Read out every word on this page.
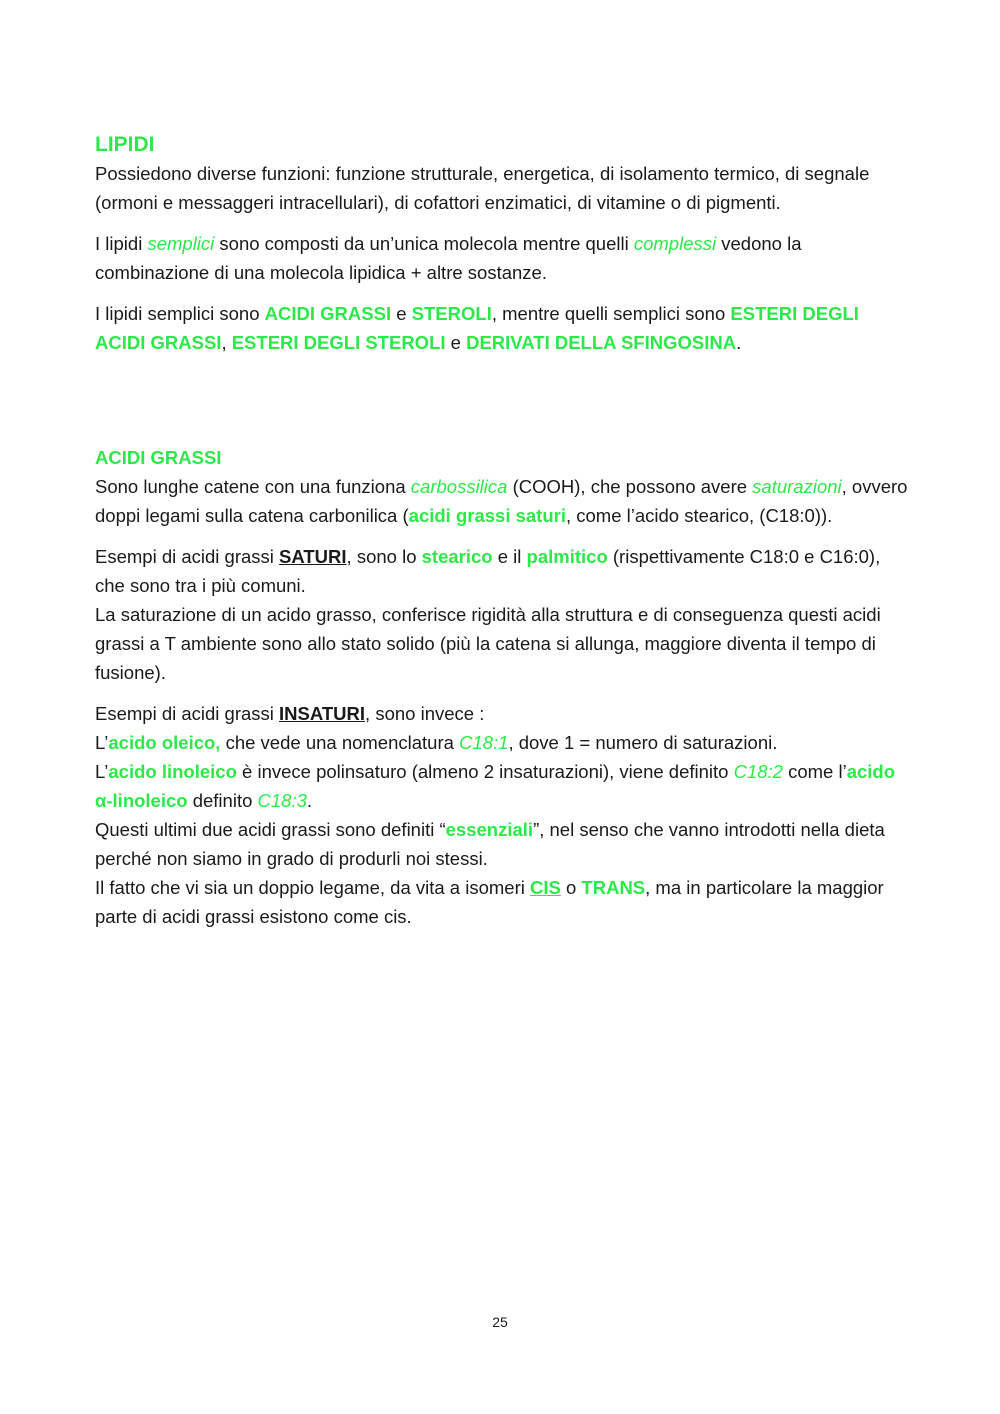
LIPIDI

Possiedono diverse funzioni: funzione strutturale, energetica, di isolamento termico, di segnale (ormoni e messaggeri intracellulari), di cofattori enzimatici, di vitamine o di pigmenti.

I lipidi semplici sono composti da un’unica molecola mentre quelli complessi vedono la combinazione di una molecola lipidica + altre sostanze.

I lipidi semplici sono ACIDI GRASSI e STEROLI, mentre quelli semplici sono ESTERI DEGLI ACIDI GRASSI, ESTERI DEGLI STEROLI e DERIVATI DELLA SFINGOSINA.

ACIDI GRASSI

Sono lunghe catene con una funziona carbossilica (COOH), che possono avere saturazioni, ovvero doppi legami sulla catena carbonilica (acidi grassi saturi, come l’acido stearico, (C18:0)).

Esempi di acidi grassi SATURI, sono lo stearico e il palmitico (rispettivamente C18:0 e C16:0), che sono tra i più comuni.
La saturazione di un acido grasso, conferisce rigidità alla struttura e di conseguenza questi acidi grassi a T ambiente sono allo stato solido (più la catena si allunga, maggiore diventa il tempo di fusione).

Esempi di acidi grassi INSATURI, sono invece :
L’acido oleico, che vede una nomenclatura C18:1, dove 1 = numero di saturazioni.
L’acido linoleico è invece polinsaturo (almeno 2 insaturazioni), viene definito C18:2 come l’acido α-linoleico definito C18:3.
Questi ultimi due acidi grassi sono definiti “essenziali”, nel senso che vanno introdotti nella dieta perché non siamo in grado di produrli noi stessi.
Il fatto che vi sia un doppio legame, da vita a isomeri CIS o TRANS, ma in particolare la maggior parte di acidi grassi esistono come cis.

25
